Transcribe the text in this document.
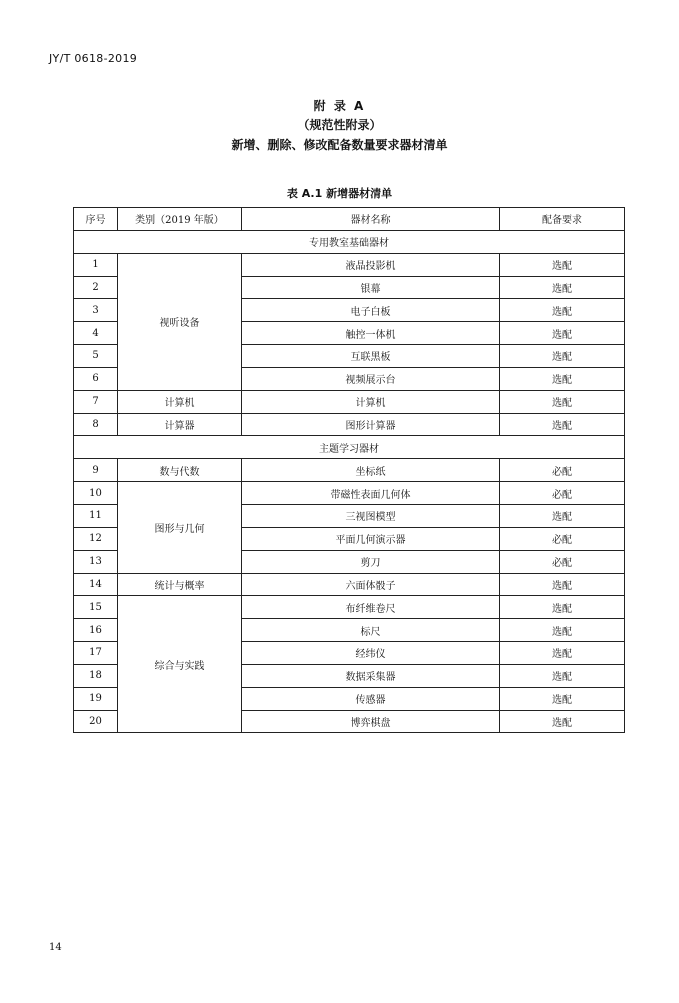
JY/T 0618-2019
附 录 A
（规范性附录）
新增、删除、修改配备数量要求器材清单
表 A.1 新增器材清单
序号	类别（2019 年版）	器材名称	配备要求
专用教室基础器材			
1	视听设备	液晶投影机	选配
2		银幕	选配
3		电子白板	选配
4		触控一体机	选配
5		互联黑板	选配
6		视频展示台	选配
7	计算机	计算机	选配
8	计算器	图形计算器	选配
主题学习器材			
9	数与代数	坐标纸	必配
10	图形与几何	带磁性表面几何体	必配
11		三视图模型	选配
12		平面几何演示器	必配
13		剪刀	必配
14	统计与概率	六面体骰子	选配
15	综合与实践	布纤维卷尺	选配
16		标尺	选配
17		经纬仪	选配
18		数据采集器	选配
19		传感器	选配
20		博弈棋盘	选配
14
